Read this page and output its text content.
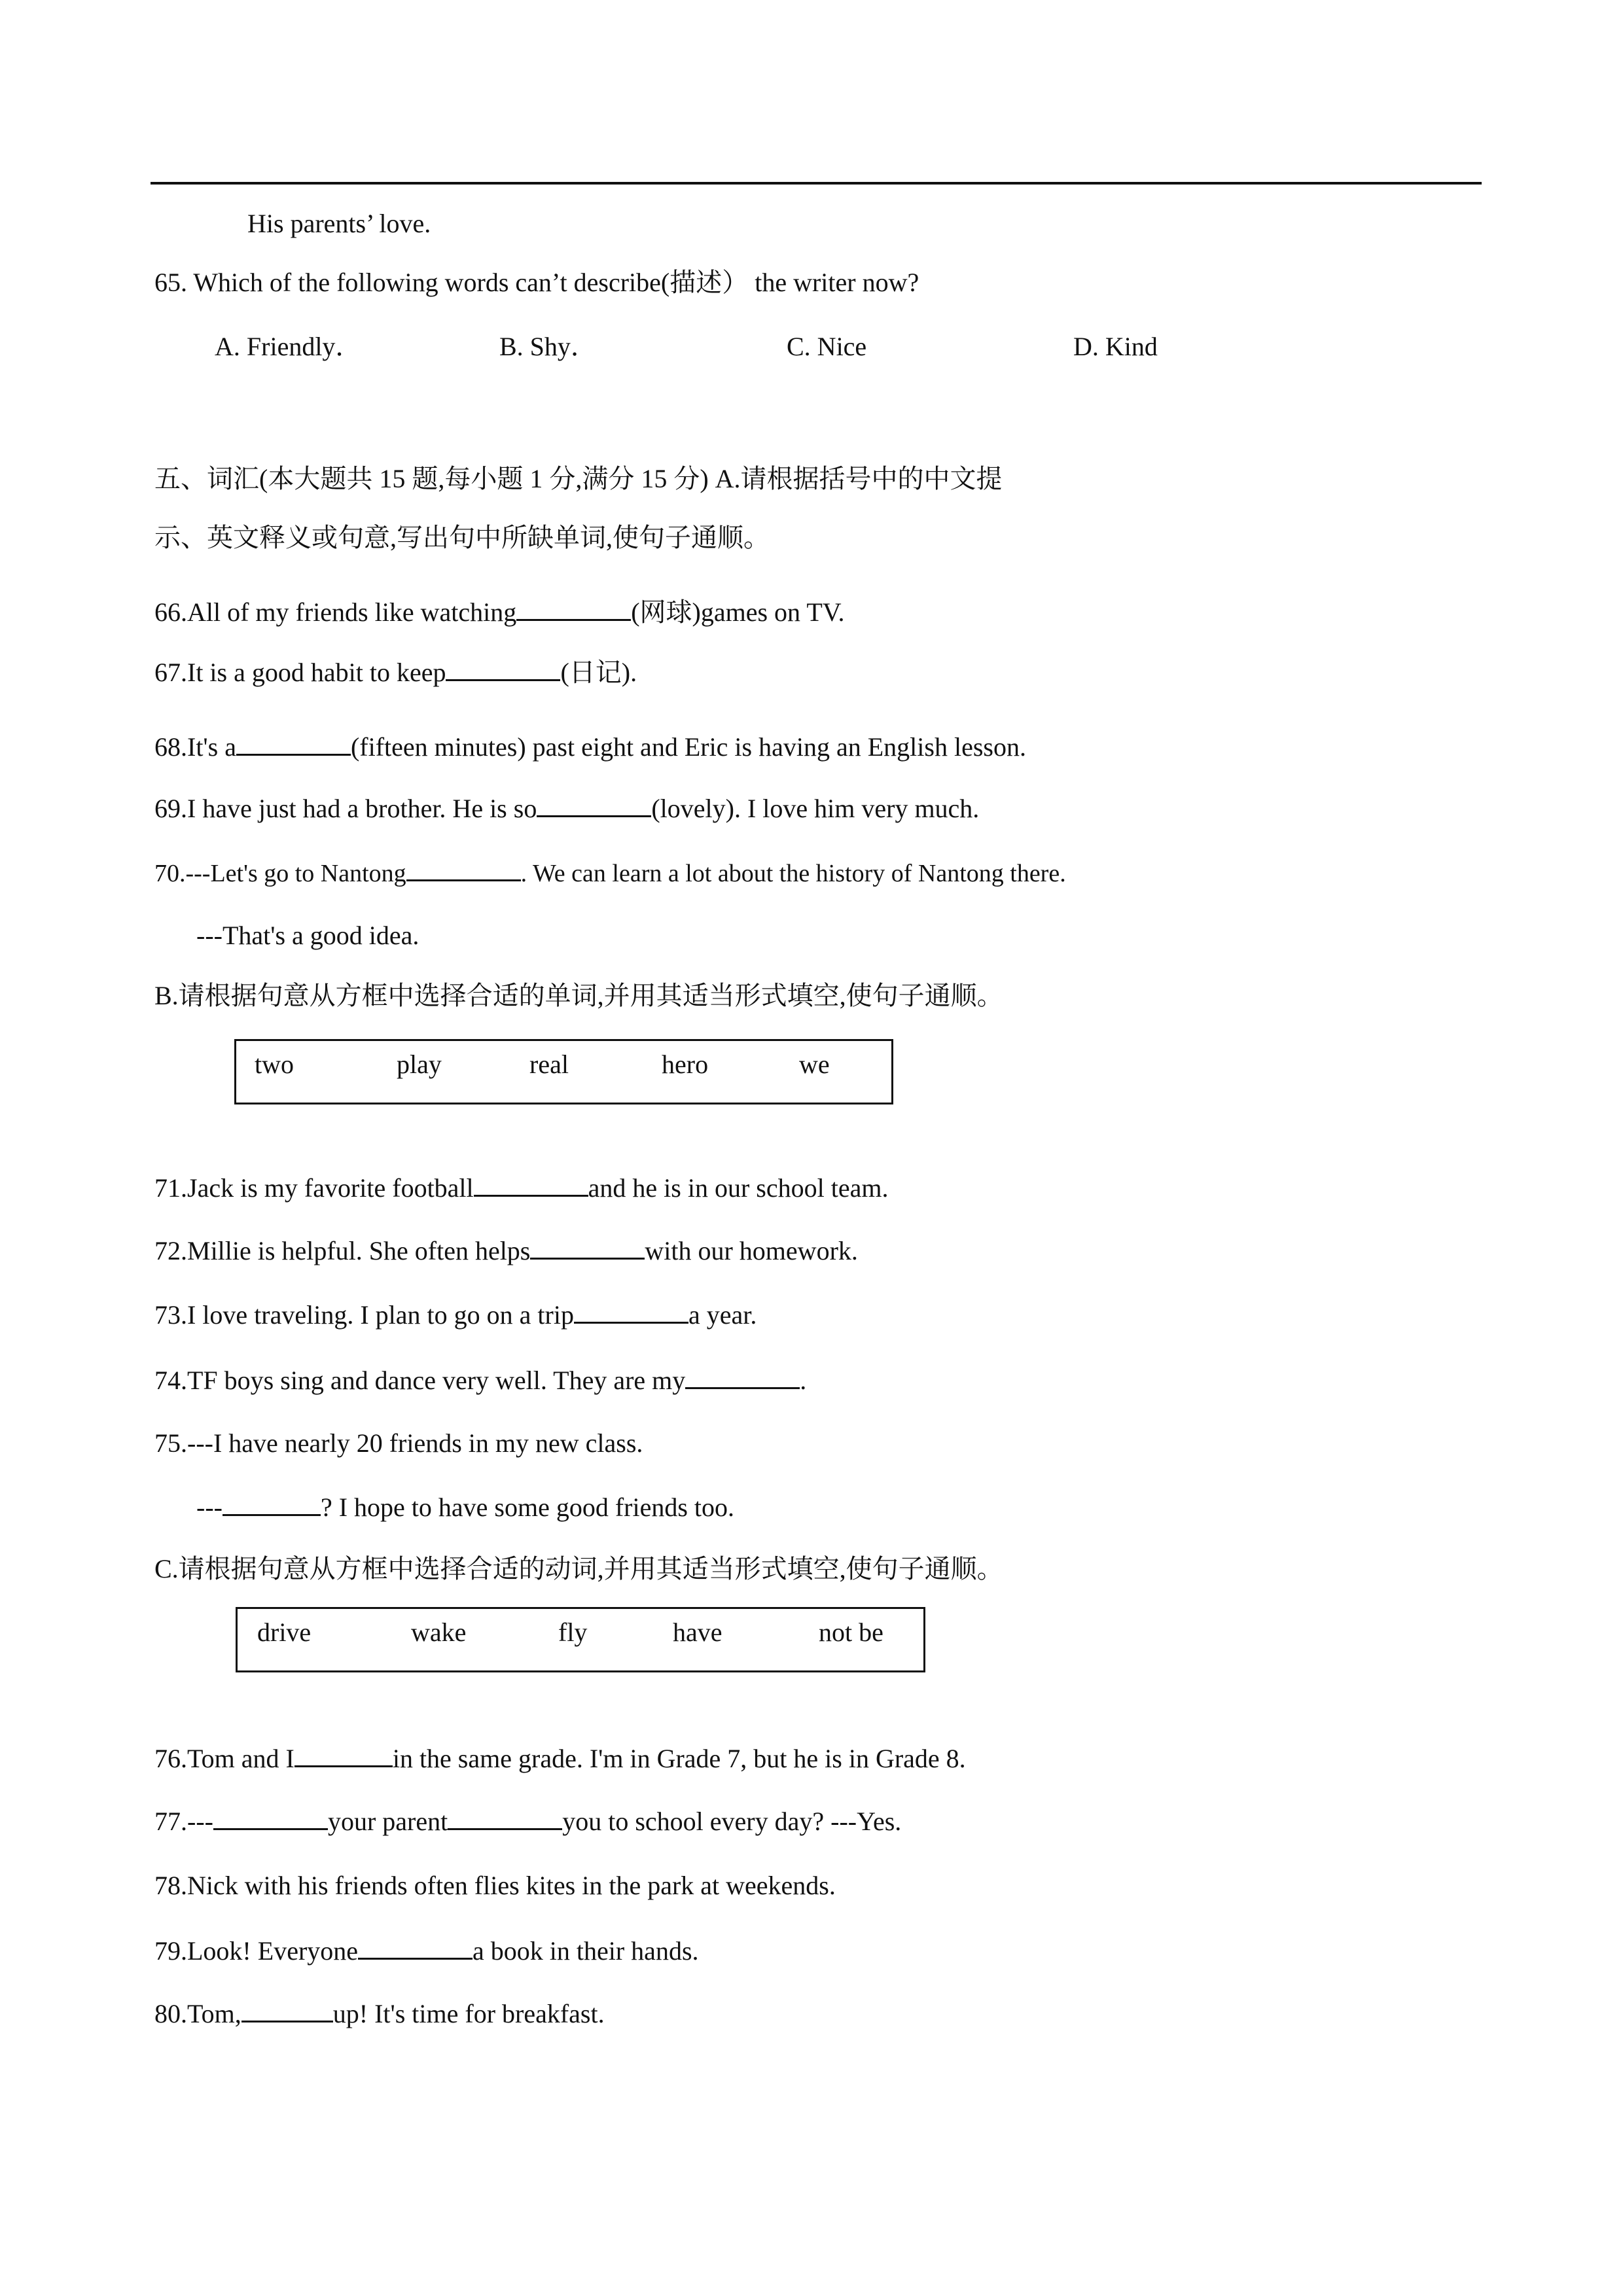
His parents’ love.
65. Which of the following words can’t describe(描述） the writer now?
A. Friendly．	B. Shy．	C. Nice	D. Kind
五、词汇(本大题共 15 题,每小题 1 分,满分 15 分) A.请根据括号中的中文提
示、英文释义或句意,写出句中所缺单词,使句子通顺。
66.All of my friends like watching	(网球)games on TV.
67.It is a good habit to keep	(日记).
68.It's a	(fifteen minutes) past eight and Eric is having an English lesson.
69.I have just had a brother. He is so	(lovely). I love him very much.
70.---Let's go to Nantong	. We can learn a lot about the history of Nantong there.
---That's a good idea.
B.请根据句意从方框中选择合适的单词,并用其适当形式填空,使句子通顺。
two	play	real	hero	we
71.Jack is my favorite football	and he is in our school team.
72.Millie is helpful. She often helps	with our homework.
73.I love traveling. I plan to go on a trip	a year.
74.TF boys sing and dance very well. They are my	.
75.---I have nearly 20 friends in my new class.
---	? I hope to have some good friends too.
C.请根据句意从方框中选择合适的动词,并用其适当形式填空,使句子通顺。
drive	wake	fly	have	not be
76.Tom and I	in the same grade. I'm in Grade 7, but he is in Grade 8.
77.---	your parent	you to school every day? ---Yes.
78.Nick with his friends often flies kites in the park at weekends.
79.Look! Everyone	a book in their hands.
80.Tom,	up! It's time for breakfast.
